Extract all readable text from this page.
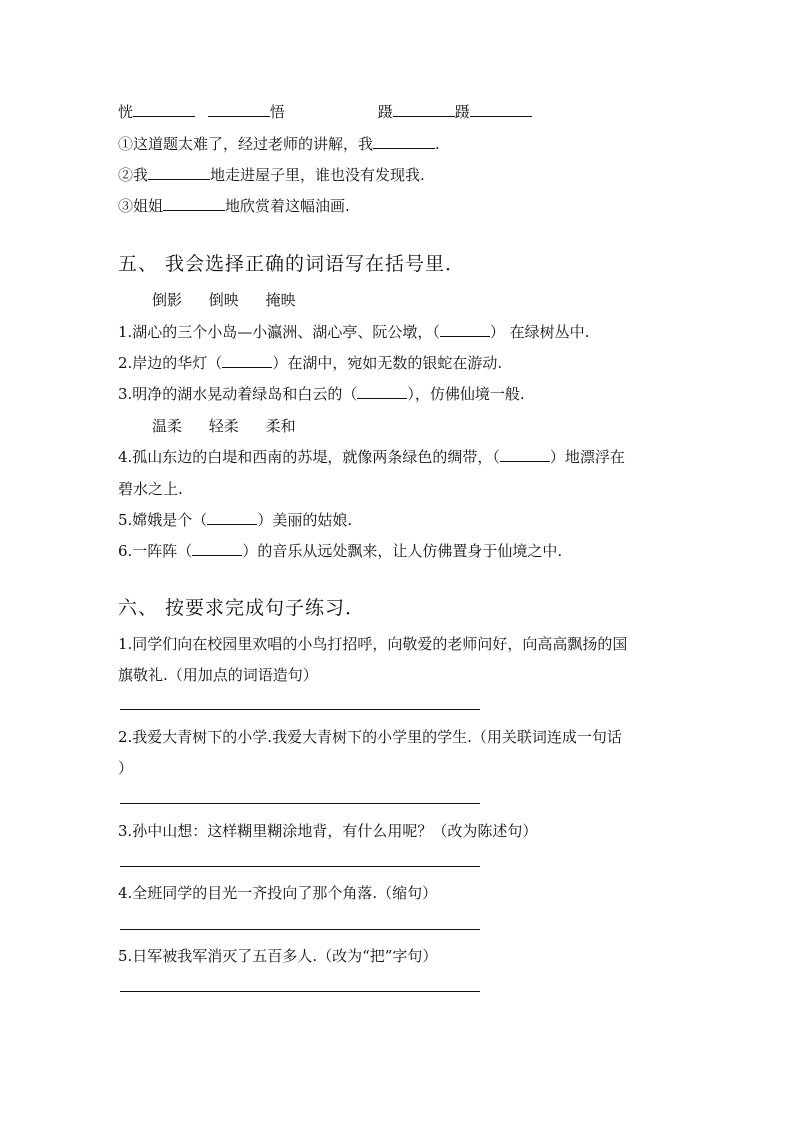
恍	悟	蹑	蹑
①这道题太难了，经过老师的讲解，我	.
②我	地走进屋子里，谁也没有发现我.
③姐姐	地欣赏着这幅油画.
五、 我会选择正确的词语写在括号里．
倒影 倒映 掩映
1.湖心的三个小岛—小瀛洲、湖心亭、阮公墩，（	） 在绿树丛中.
2.岸边的华灯（	）在湖中，宛如无数的银蛇在游动.
3.明净的湖水晃动着绿岛和白云的（	），仿佛仙境一般.
温柔 轻柔 柔和
4.孤山东边的白堤和西南的苏堤，就像两条绿色的绸带，（	）地漂浮在
碧水之上.
5.嫦娥是个（	）美丽的姑娘.
6.一阵阵（	）的音乐从远处飘来，让人仿佛置身于仙境之中.
六、 按要求完成句子练习．
1.同学们向在校园里欢唱的小鸟打招呼，向敬爱的老师问好，向高高飘扬的国
旗敬礼.（用加点的词语造句）
2.我爱大青树下的小学.我爱大青树下的小学里的学生.（用关联词连成一句话
）
3.孙中山想：这样糊里糊涂地背，有什么用呢？（改为陈述句）
4.全班同学的目光一齐投向了那个角落.（缩句）
5.日军被我军消灭了五百多人.（改为“把”字句）
